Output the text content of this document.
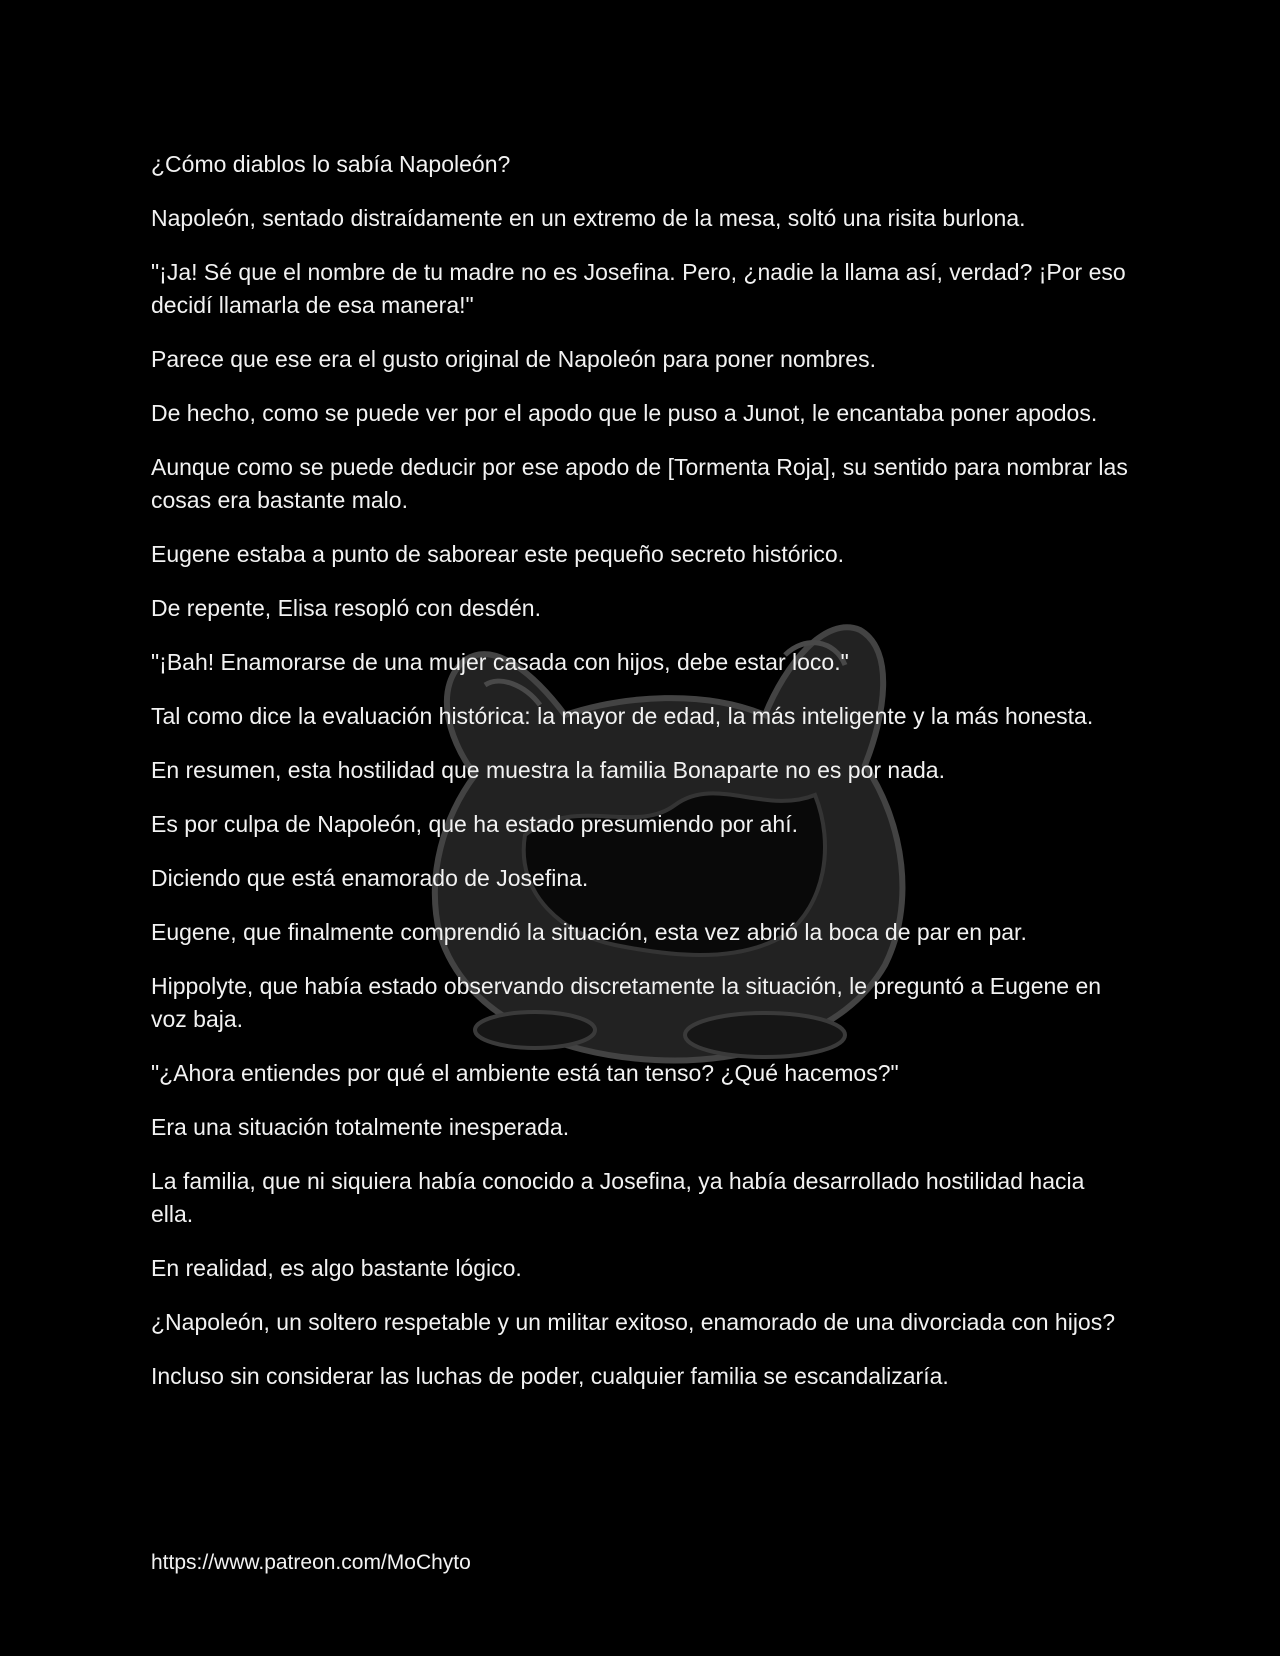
¿Cómo diablos lo sabía Napoleón?

Napoleón, sentado distraídamente en un extremo de la mesa, soltó una risita burlona.

"¡Ja! Sé que el nombre de tu madre no es Josefina. Pero, ¿nadie la llama así, verdad? ¡Por eso decidí llamarla de esa manera!"

Parece que ese era el gusto original de Napoleón para poner nombres.

De hecho, como se puede ver por el apodo que le puso a Junot, le encantaba poner apodos.

Aunque como se puede deducir por ese apodo de [Tormenta Roja], su sentido para nombrar las cosas era bastante malo.

Eugene estaba a punto de saborear este pequeño secreto histórico.

De repente, Elisa resopló con desdén.

"¡Bah! Enamorarse de una mujer casada con hijos, debe estar loco."

Tal como dice la evaluación histórica: la mayor de edad, la más inteligente y la más honesta.

En resumen, esta hostilidad que muestra la familia Bonaparte no es por nada.

Es por culpa de Napoleón, que ha estado presumiendo por ahí.

Diciendo que está enamorado de Josefina.

Eugene, que finalmente comprendió la situación, esta vez abrió la boca de par en par.

Hippolyte, que había estado observando discretamente la situación, le preguntó a Eugene en voz baja.

"¿Ahora entiendes por qué el ambiente está tan tenso? ¿Qué hacemos?"

Era una situación totalmente inesperada.

La familia, que ni siquiera había conocido a Josefina, ya había desarrollado hostilidad hacia ella.

En realidad, es algo bastante lógico.

¿Napoleón, un soltero respetable y un militar exitoso, enamorado de una divorciada con hijos?

Incluso sin considerar las luchas de poder, cualquier familia se escandalizaría.

https://www.patreon.com/MoChyto
